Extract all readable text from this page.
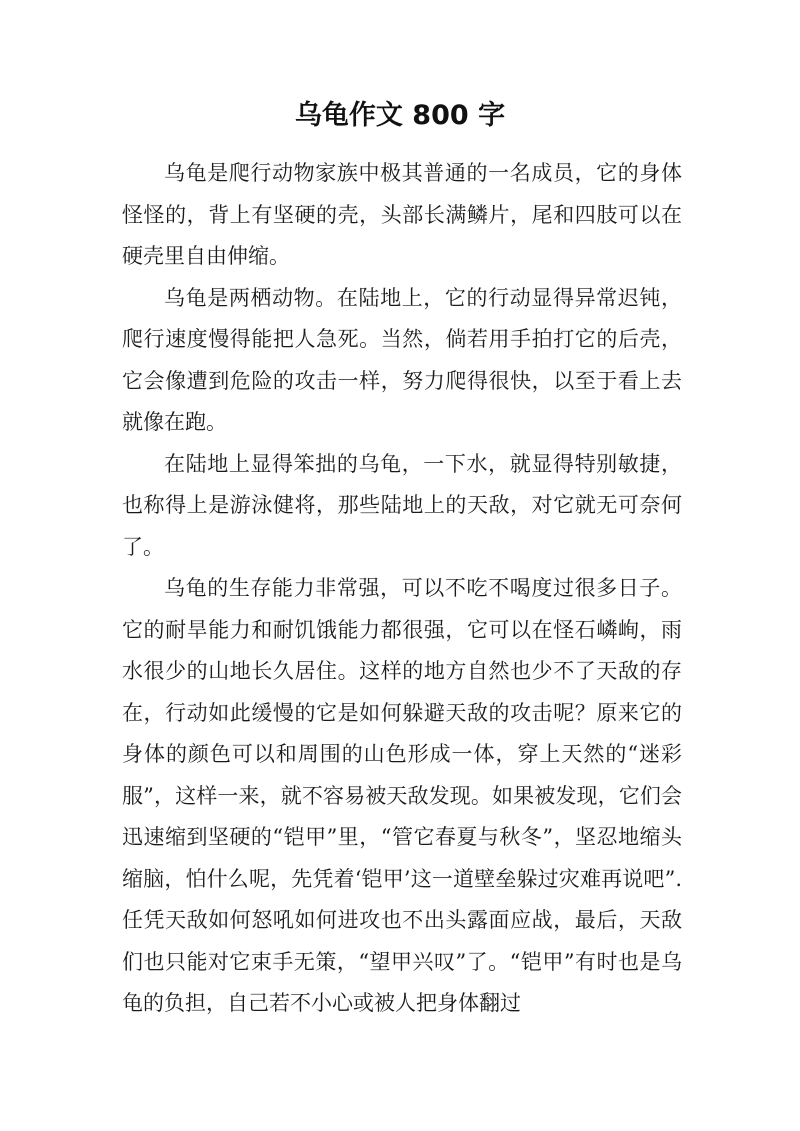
乌龟作文 800 字

乌龟是爬行动物家族中极其普通的一名成员，它的身体怪怪的，背上有坚硬的壳，头部长满鳞片，尾和四肢可以在硬壳里自由伸缩。

乌龟是两栖动物。在陆地上，它的行动显得异常迟钝，爬行速度慢得能把人急死。当然，倘若用手拍打它的后壳，它会像遭到危险的攻击一样，努力爬得很快，以至于看上去就像在跑。

在陆地上显得笨拙的乌龟，一下水，就显得特别敏捷，也称得上是游泳健将，那些陆地上的天敌，对它就无可奈何了。

乌龟的生存能力非常强，可以不吃不喝度过很多日子。它的耐旱能力和耐饥饿能力都很强，它可以在怪石嶙峋，雨水很少的山地长久居住。这样的地方自然也少不了天敌的存在，行动如此缓慢的它是如何躲避天敌的攻击呢？原来它的身体的颜色可以和周围的山色形成一体，穿上天然的“迷彩服”，这样一来，就不容易被天敌发现。如果被发现，它们会迅速缩到坚硬的“铠甲”里，“管它春夏与秋冬”，坚忍地缩头缩脑，怕什么呢，先凭着‘铠甲’这一道壁垒躲过灾难再说吧”.任凭天敌如何怒吼如何进攻也不出头露面应战，最后，天敌们也只能对它束手无策，“望甲兴叹”了。“铠甲”有时也是乌龟的负担，自己若不小心或被人把身体翻过
